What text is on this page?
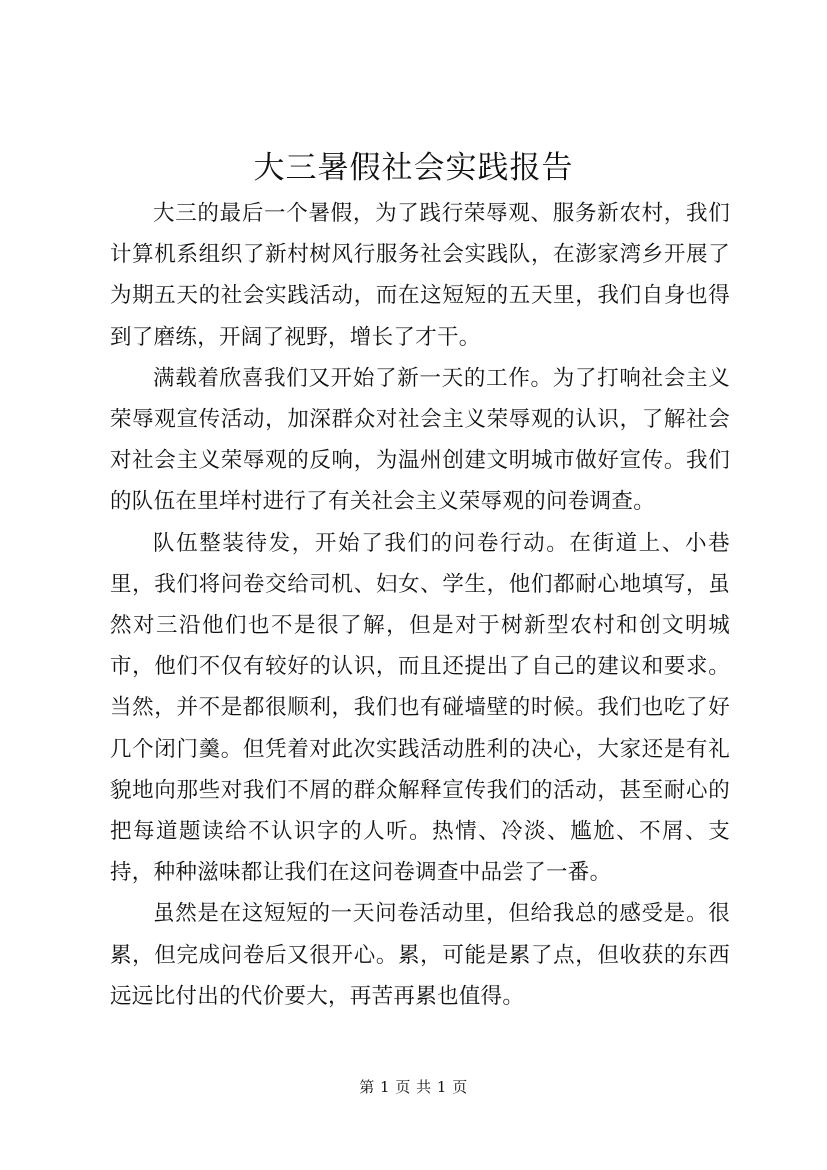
大三暑假社会实践报告

大三的最后一个暑假，为了践行荣辱观、服务新农村，我们计算机系组织了新村树风行服务社会实践队，在澎家湾乡开展了为期五天的社会实践活动，而在这短短的五天里，我们自身也得到了磨练，开阔了视野，增长了才干。

满载着欣喜我们又开始了新一天的工作。为了打响社会主义荣辱观宣传活动，加深群众对社会主义荣辱观的认识，了解社会对社会主义荣辱观的反响，为温州创建文明城市做好宣传。我们的队伍在里垟村进行了有关社会主义荣辱观的问卷调查。

队伍整装待发，开始了我们的问卷行动。在街道上、小巷里，我们将问卷交给司机、妇女、学生，他们都耐心地填写，虽然对三沿他们也不是很了解，但是对于树新型农村和创文明城市，他们不仅有较好的认识，而且还提出了自己的建议和要求。当然，并不是都很顺利，我们也有碰墙壁的时候。我们也吃了好几个闭门羹。但凭着对此次实践活动胜利的决心，大家还是有礼貌地向那些对我们不屑的群众解释宣传我们的活动，甚至耐心的把每道题读给不认识字的人听。热情、冷淡、尴尬、不屑、支持，种种滋味都让我们在这问卷调查中品尝了一番。

虽然是在这短短的一天问卷活动里，但给我总的感受是。很累，但完成问卷后又很开心。累，可能是累了点，但收获的东西远远比付出的代价要大，再苦再累也值得。

第 1 页 共 1 页
